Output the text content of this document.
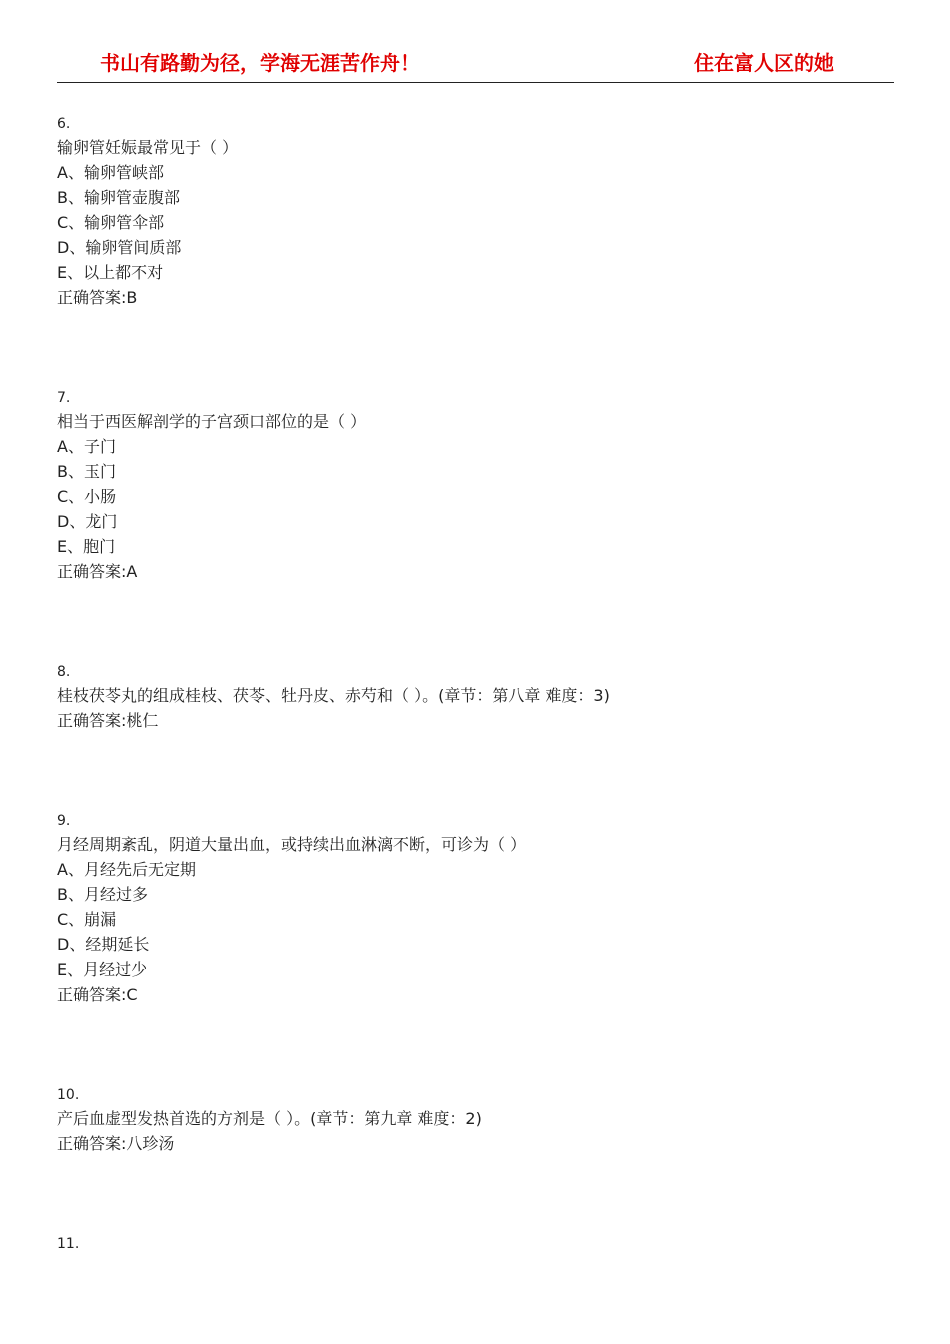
书山有路勤为径，学海无涯苦作舟！	住在富人区的她
6.
输卵管妊娠最常见于（ ）
A、输卵管峡部
B、输卵管壶腹部
C、输卵管伞部
D、输卵管间质部
E、以上都不对
正确答案:B
7.
相当于西医解剖学的子宫颈口部位的是（ ）
A、子门
B、玉门
C、小肠
D、龙门
E、胞门
正确答案:A
8.
桂枝茯苓丸的组成桂枝、茯苓、牡丹皮、赤芍和（ ）。(章节：第八章 难度：3)
正确答案:桃仁
9.
月经周期紊乱，阴道大量出血，或持续出血淋漓不断，可诊为（ ）
A、月经先后无定期
B、月经过多
C、崩漏
D、经期延长
E、月经过少
正确答案:C
10.
产后血虚型发热首选的方剂是（ ）。(章节：第九章 难度：2)
正确答案:八珍汤
11.
